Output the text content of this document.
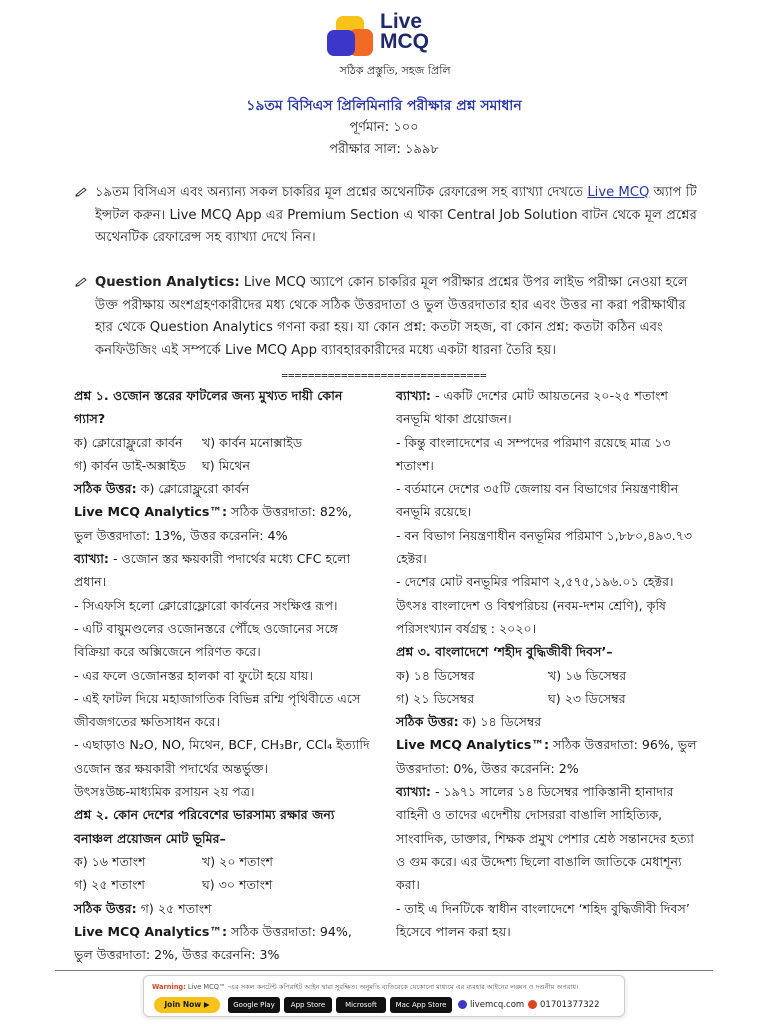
Live
MCQ
সঠিক প্রস্তুতি, সহজ প্রিলি
১৯তম বিসিএস প্রিলিমিনারি পরীক্ষার প্রশ্ন সমাধান
পূর্ণমান: ১০০
পরীক্ষার সাল: ১৯৯৮
১৯তম বিসিএস এবং অন্যান্য সকল চাকরির মূল প্রশ্নের অথেনটিক রেফারেন্স সহ ব্যাখ্যা দেখতে Live MCQ অ্যাপ টি ইন্সটল করুন। Live MCQ App এর Premium Section এ থাকা Central Job Solution বাটন থেকে মূল প্রশ্নের অথেনটিক রেফারেন্স সহ ব্যাখ্যা দেখে নিন।
Question Analytics: Live MCQ অ্যাপে কোন চাকরির মূল পরীক্ষার প্রশ্নের উপর লাইভ পরীক্ষা নেওয়া হলে উক্ত পরীক্ষায় অংশগ্রহণকারীদের মধ্য থেকে সঠিক উত্তরদাতা ও ভুল উত্তরদাতার হার এবং উত্তর না করা পরীক্ষার্থীর হার থেকে Question Analytics গণনা করা হয়। যা কোন প্রশ্ন: কতটা সহজ, বা কোন প্রশ্ন: কতটা কঠিন এবং কনফিউজিং এই সম্পর্কে Live MCQ App ব্যাবহারকারীদের মধ্যে একটা ধারনা তৈরি হয়।
===============================

প্রশ্ন ১. ওজোন স্তরের ফাটলের জন্য মুখ্যত দায়ী কোন গ্যাস?

ক) ক্লোরোফ্লুরো কার্বন	খ) কার্বন মনোক্সাইড
গ) কার্বন ডাই-অক্সাইড	ঘ) মিথেন

সঠিক উত্তর: ক) ক্লোরোফ্লুরো কার্বন

Live MCQ Analytics™: সঠিক উত্তরদাতা: 82%, ভুল উত্তরদাতা: 13%, উত্তর করেননি: 4%

ব্যাখ্যা: - ওজোন স্তর ক্ষয়কারী পদার্থের মধ্যে CFC হলো প্রধান।

- সিএফসি হলো ক্লোরোফ্লোরো কার্বনের সংক্ষিপ্ত রূপ।

- এটি বায়ুমণ্ডলের ওজোনস্তরে পৌঁছে ওজোনের সঙ্গে বিক্রিয়া করে অক্সিজেনে পরিণত করে।

- এর ফলে ওজোনস্তর হালকা বা ফুটো হয়ে যায়।

- এই ফাটল দিয়ে মহাজাগতিক বিভিন্ন রশ্মি পৃথিবীতে এসে জীবজগতের ক্ষতিসাধন করে।

- এছাড়াও N₂O, NO, মিথেন, BCF, CH₃Br, CCl₄ ইত্যাদি ওজোন স্তর ক্ষয়কারী পদার্থের অন্তর্ভুক্ত।

উৎসঃউচ্চ-মাধ্যমিক রসায়ন ২য় পত্র।

প্রশ্ন ২. কোন দেশের পরিবেশের ভারসাম্য রক্ষার জন্য বনাঞ্চল প্রয়োজন মোট ভূমির–

ক) ১৬ শতাংশ	খ) ২০ শতাংশ
গ) ২৫ শতাংশ	ঘ) ৩০ শতাংশ

সঠিক উত্তর: গ) ২৫ শতাংশ

Live MCQ Analytics™: সঠিক উত্তরদাতা: 94%, ভুল উত্তরদাতা: 2%, উত্তর করেননি: 3%

ব্যাখ্যা: - একটি দেশের মোট আয়তনের ২০-২৫ শতাংশ বনভূমি থাকা প্রয়োজন।

- কিন্তু বাংলাদেশের এ সম্পদের পরিমাণ রয়েছে মাত্র ১৩ শতাংশ।

- বর্তমানে দেশের ৩৫টি জেলায় বন বিভাগের নিয়ন্ত্রণাধীন বনভূমি রয়েছে।

- বন বিভাগ নিয়ন্ত্রণাধীন বনভূমির পরিমাণ ১,৮৮০,৪৯৩.৭৩ হেক্টর।

- দেশের মোট বনভূমির পরিমাণ ২,৫৭৫,১৯৬.০১ হেক্টর।

উৎসঃ বাংলাদেশ ও বিশ্বপরিচয় (নবম-দশম শ্রেণি), কৃষি পরিসংখ্যান বর্ষগ্রন্থ : ২০২০।

প্রশ্ন ৩. বাংলাদেশে ‘শহীদ বুদ্ধিজীবী দিবস’–

ক) ১৪ ডিসেম্বর	খ) ১৬ ডিসেম্বর
গ) ২১ ডিসেম্বর	ঘ) ২৩ ডিসেম্বর

সঠিক উত্তর: ক) ১৪ ডিসেম্বর

Live MCQ Analytics™: সঠিক উত্তরদাতা: 96%, ভুল উত্তরদাতা: 0%, উত্তর করেননি: 2%

ব্যাখ্যা: - ১৯৭১ সালের ১৪ ডিসেম্বর পাকিস্তানী হানাদার বাহিনী ও তাদের এদেশীয় দোসররা বাঙালি সাহিত্যিক, সাংবাদিক, ডাক্তার, শিক্ষক প্রমুখ পেশার শ্রেষ্ঠ সন্তানদের হত্যা ও গুম করে। এর উদ্দেশ্য ছিলো বাঙালি জাতিকে মেধাশূন্য করা।

- তাই এ দিনটিকে স্বাধীন বাংলাদেশে ‘শহিদ বুদ্ধিজীবী দিবস’ হিসেবে পালন করা হয়।

Warning: Live MCQ™ -এর সকল কনটেন্ট কপিরাইট আইন দ্বারা সুরক্ষিত। অনুমতি ব্যতিরেকে যেকোনো মাধ্যমে এর ব্যবহার আইনের লঙ্ঘন ও দণ্ডনীয় অপরাধ।
Join Now ▶	Google Play	App Store	Microsoft	Mac App Store	livemcq.com	01701377322
